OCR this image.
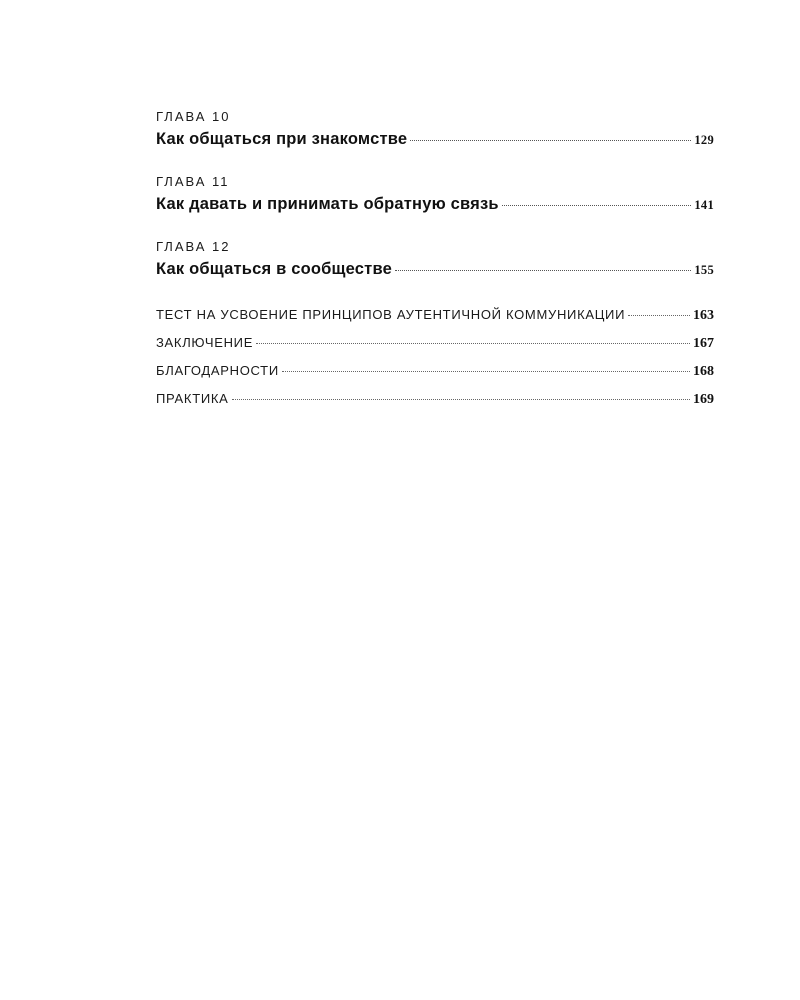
ГЛАВА 10
Как общаться при знакомстве	129
ГЛАВА 11
Как давать и принимать обратную связь	141
ГЛАВА 12
Как общаться в сообществе	155
ТЕСТ НА УСВОЕНИЕ ПРИНЦИПОВ АУТЕНТИЧНОЙ КОММУНИКАЦИИ	163
ЗАКЛЮЧЕНИЕ	167
БЛАГОДАРНОСТИ	168
ПРАКТИКА	169
